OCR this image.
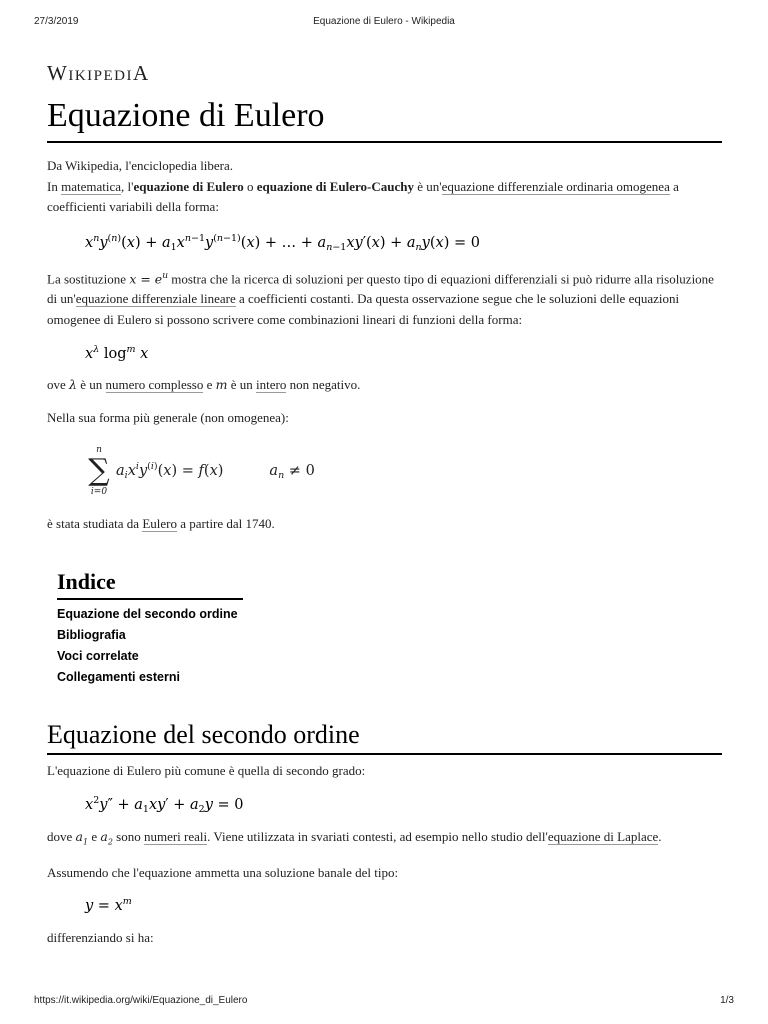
27/3/2019	Equazione di Eulero - Wikipedia
WikipediA
Equazione di Eulero

Da Wikipedia, l'enciclopedia libera.

In matematica, l'equazione di Eulero o equazione di Eulero-Cauchy è un'equazione differenziale ordinaria omogenea a coefficienti variabili della forma:

$x^ny^{(n)}(x) + a_1x^{n-1}y^{(n-1)}(x)$ + … + $a_{n-1}xy'(x) + a_ny(x) = 0$

La sostituzione $x = e^u$ mostra che la ricerca di soluzioni per questo tipo di equazioni differenziali si può ridurre alla risoluzione di un'equazione differenziale lineare a coefficienti costanti. Da questa osservazione segue che le soluzioni delle equazioni omogenee di Eulero si possono scrivere come combinazioni lineari di funzioni della forma:

$x^\lambda$ $\log^m x$

ove λ è un numero complesso e m è un intero non negativo.

Nella sua forma più generale (non omogenea):

n
∑
i=0
$a_ix^iy^{(i)}(x) = f(x)$	$a_n \ne 0$

è stata studiata da Eulero a partire dal 1740.

Indice
Equazione del secondo ordine
Bibliografia
Voci correlate
Collegamenti esterni
Equazione del secondo ordine

L'equazione di Eulero più comune è quella di secondo grado:

$x^2y'' + a_1xy' + a_2y = 0$

dove $a_1$ e $a_2$ sono numeri reali. Viene utilizzata in svariati contesti, ad esempio nello studio dell'equazione di Laplace.

Assumendo che l'equazione ammetta una soluzione banale del tipo:

$y = x^m$

differenziando si ha:

https://it.wikipedia.org/wiki/Equazione_di_Eulero	1/3
